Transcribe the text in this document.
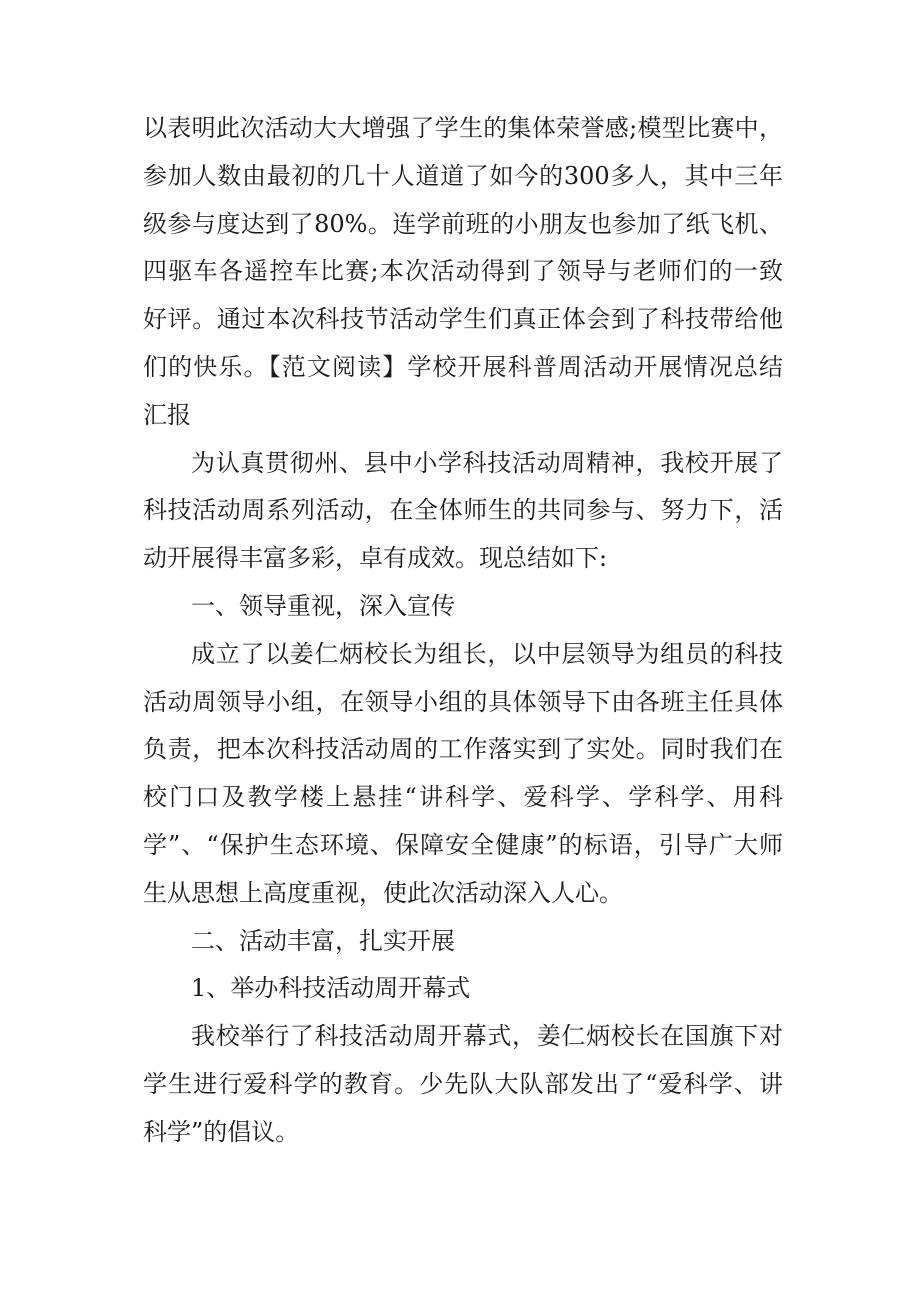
以表明此次活动大大增强了学生的集体荣誉感;模型比赛中，
参加人数由最初的几十人道道了如今的300多人，其中三年
级参与度达到了80%。连学前班的小朋友也参加了纸飞机、
四驱车各遥控车比赛;本次活动得到了领导与老师们的一致
好评。通过本次科技节活动学生们真正体会到了科技带给他
们的快乐。【范文阅读】学校开展科普周活动开展情况总结
汇报
为认真贯彻州、县中小学科技活动周精神，我校开展了
科技活动周系列活动，在全体师生的共同参与、努力下，活
动开展得丰富多彩，卓有成效。现总结如下:
一、领导重视，深入宣传
成立了以姜仁炳校长为组长，以中层领导为组员的科技
活动周领导小组，在领导小组的具体领导下由各班主任具体
负责，把本次科技活动周的工作落实到了实处。同时我们在
校门口及教学楼上悬挂“讲科学、爱科学、学科学、用科
学”、“保护生态环境、保障安全健康”的标语，引导广大师
生从思想上高度重视，使此次活动深入人心。
二、活动丰富，扎实开展
1、举办科技活动周开幕式
我校举行了科技活动周开幕式，姜仁炳校长在国旗下对
学生进行爱科学的教育。少先队大队部发出了“爱科学、讲
科学”的倡议。
